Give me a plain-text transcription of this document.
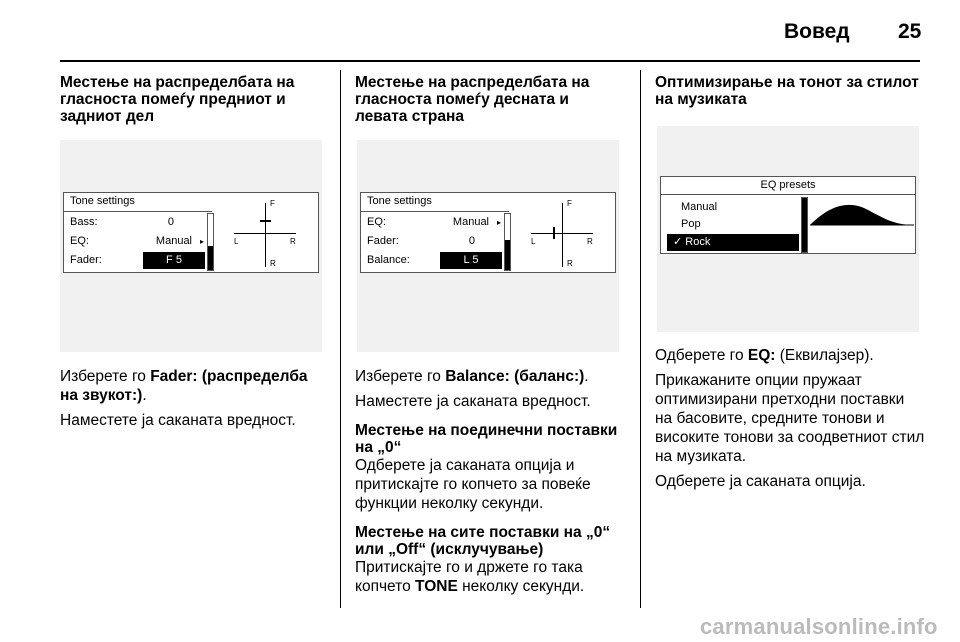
Вовед 25
Местење на распределбата на гласноста помеѓу предниот и задниот дел
Tone settings
Bass:	0
EQ:	Manual ▸
Fader:	F 5
F
L	R
R

Изберете го Fader: (распределба на звукот:).

Наместете ја саканата вредност.

Местење на распределбата на гласноста помеѓу десната и левата страна
Tone settings
EQ:	Manual ▸
Fader:	0
Balance:	L 5
F
L	R
R

Изберете го Balance: (баланс:).

Наместете ја саканата вредност.

Местење на поединечни поставки на „0“

Одберете ја саканата опција и притискајте го копчето за повеќе функции неколку секунди.

Местење на сите поставки на „0“ или „Off“ (исклучување)

Притискајте го и држете го така копчето TONE неколку секунди.

Оптимизирање на тонот за стилот на музиката
EQ presets
Manual
Pop
✓ Rock

Одберете го EQ: (Еквилајзер).

Прикажаните опции пружаат оптимизирани претходни поставки на басовите, средните тонови и високите тонови за соодветниот стил на музиката.

Одберете ја саканата опција.

carmanualsonline.info
